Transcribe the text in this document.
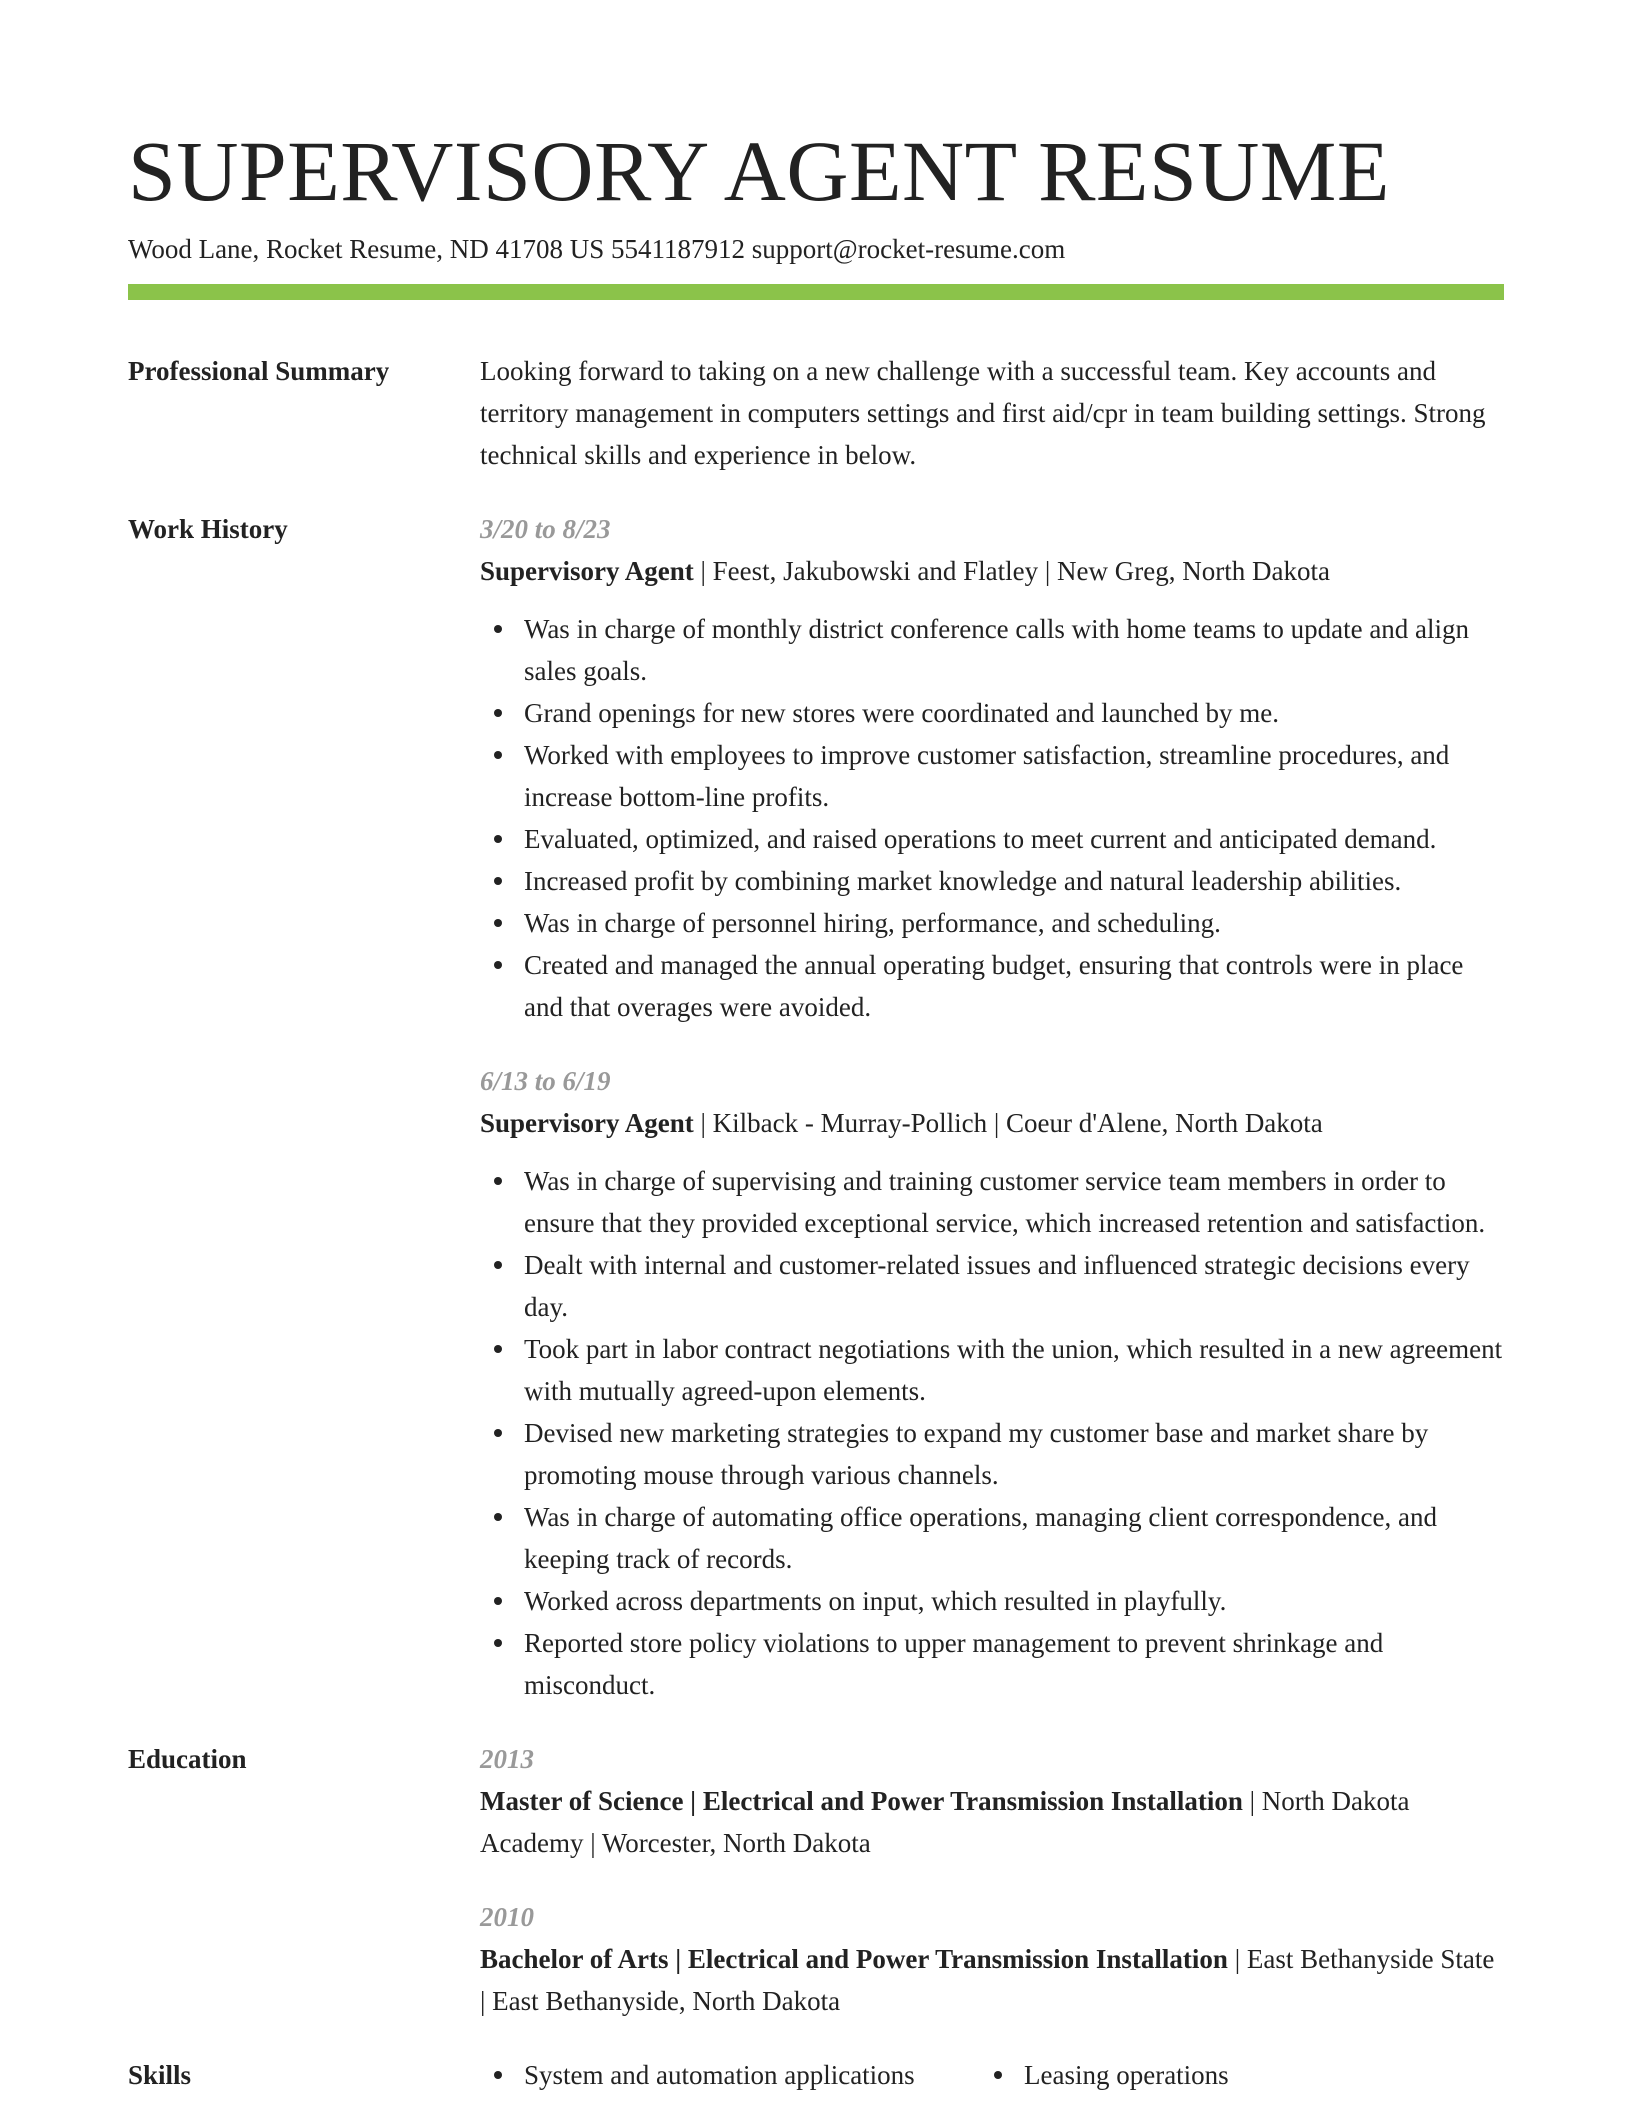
SUPERVISORY AGENT RESUME
Wood Lane, Rocket Resume, ND 41708 US 5541187912 support@rocket-resume.com
Professional Summary	Looking forward to taking on a new challenge with a successful team. Key accounts and territory management in computers settings and first aid/cpr in team building settings. Strong technical skills and experience in below.
Work History	3/20 to 8/23
Supervisory Agent | Feest, Jakubowski and Flatley | New Greg, North Dakota
Was in charge of monthly district conference calls with home teams to update and align sales goals.
Grand openings for new stores were coordinated and launched by me.
Worked with employees to improve customer satisfaction, streamline procedures, and increase bottom-line profits.
Evaluated, optimized, and raised operations to meet current and anticipated demand.
Increased profit by combining market knowledge and natural leadership abilities.
Was in charge of personnel hiring, performance, and scheduling.
Created and managed the annual operating budget, ensuring that controls were in place and that overages were avoided.
6/13 to 6/19
Supervisory Agent | Kilback - Murray-Pollich | Coeur d'Alene, North Dakota
Was in charge of supervising and training customer service team members in order to ensure that they provided exceptional service, which increased retention and satisfaction.
Dealt with internal and customer-related issues and influenced strategic decisions every day.
Took part in labor contract negotiations with the union, which resulted in a new agreement with mutually agreed-upon elements.
Devised new marketing strategies to expand my customer base and market share by promoting mouse through various channels.
Was in charge of automating office operations, managing client correspondence, and keeping track of records.
Worked across departments on input, which resulted in playfully.
Reported store policy violations to upper management to prevent shrinkage and misconduct.
Education	2013
Master of Science | Electrical and Power Transmission Installation | North Dakota Academy | Worcester, North Dakota
2010
Bachelor of Arts | Electrical and Power Transmission Installation | East Bethanyside State | East Bethanyside, North Dakota
Skills	System and automation applications	Leasing operations
